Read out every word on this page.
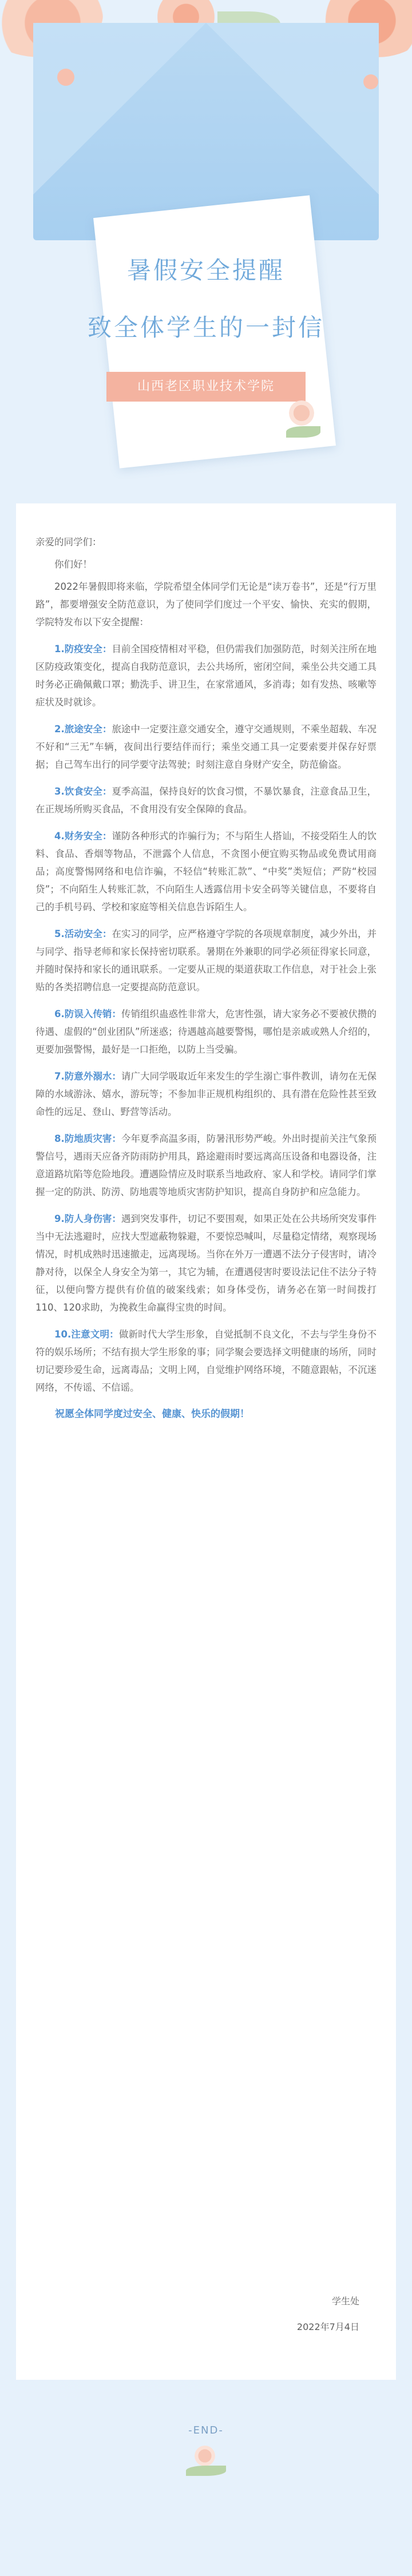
暑假安全提醒
致全体学生的一封信
山西老区职业技术学院

亲爱的同学们：

你们好！

2022年暑假即将来临，学院希望全体同学们无论是“读万卷书”，还是“行万里路”，都要增强安全防范意识，为了使同学们度过一个平安、愉快、充实的假期，学院特发布以下安全提醒：

1.防疫安全：目前全国疫情相对平稳，但仍需我们加强防范，时刻关注所在地区防疫政策变化，提高自我防范意识，去公共场所，密闭空间，乘坐公共交通工具时务必正确佩戴口罩；勤洗手、讲卫生，在家常通风，多消毒；如有发热、咳嗽等症状及时就诊。

2.旅途安全：旅途中一定要注意交通安全，遵守交通规则，不乘坐超载、车况不好和“三无”车辆，夜间出行要结伴而行；乘坐交通工具一定要索要并保存好票据；自己驾车出行的同学要守法驾驶；时刻注意自身财产安全，防范偷盗。

3.饮食安全：夏季高温，保持良好的饮食习惯，不暴饮暴食，注意食品卫生，在正规场所购买食品，不食用没有安全保障的食品。

4.财务安全：谨防各种形式的诈骗行为；不与陌生人搭讪，不接受陌生人的饮料、食品、香烟等物品，不泄露个人信息，不贪图小便宜购买物品或免费试用商品；高度警惕网络和电信诈骗，不轻信“转账汇款”、“中奖”类短信；严防“校园贷”；不向陌生人转账汇款，不向陌生人透露信用卡安全码等关键信息，不要将自己的手机号码、学校和家庭等相关信息告诉陌生人。

5.活动安全：在实习的同学，应严格遵守学院的各项规章制度，减少外出，并与同学、指导老师和家长保持密切联系。暑期在外兼职的同学必须征得家长同意，并随时保持和家长的通讯联系。一定要从正规的渠道获取工作信息，对于社会上张贴的各类招聘信息一定要提高防范意识。

6.防误入传销：传销组织蛊惑性非常大，危害性强，请大家务必不要被伏攒的待遇、虚假的“创业团队”所迷惑；待遇越高越要警惕，哪怕是亲戚或熟人介绍的，更要加强警惕，最好是一口拒绝，以防上当受骗。

7.防意外溺水：请广大同学吸取近年来发生的学生溺亡事件教训，请勿在无保障的水域游泳、嬉水，游玩等；不参加非正规机构组织的、具有潜在危险性甚至致命性的远足、登山、野营等活动。

8.防地质灾害：今年夏季高温多雨，防暑汛形势严峻。外出时提前关注气象预警信号，遇雨天应备齐防雨防护用具，路途避雨时要远离高压设备和电器设备，注意道路坑陷等危险地段。遭遇险情应及时联系当地政府、家人和学校。请同学们掌握一定的防洪、防涝、防地震等地质灾害防护知识，提高自身防护和应急能力。

9.防人身伤害：遇到突发事件，切记不要围观，如果正处在公共场所突发事件当中无法逃避时，应找大型遮蔽物躲避，不要惊恐喊叫，尽量稳定情绪，观察现场情况，时机成熟时迅速撤走，远离现场。当你在外万一遭遇不法分子侵害时，请冷静对待，以保全人身安全为第一，其它为辅，在遭遇侵害时要设法记住不法分子特征，以便向警方提供有价值的破案线索；如身体受伤，请务必在第一时间拨打110、120求助，为挽救生命赢得宝贵的时间。

10.注意文明：做新时代大学生形象，自觉抵制不良文化，不去与学生身份不符的娱乐场所；不结有损大学生形象的事；同学聚会要选择文明健康的场所，同时切记要珍爱生命，远离毒品；文明上网，自觉维护网络环境，不随意跟帖，不沉迷网络，不传谣、不信谣。

祝愿全体同学度过安全、健康、快乐的假期！

学生处
2022年7月4日
-END-
